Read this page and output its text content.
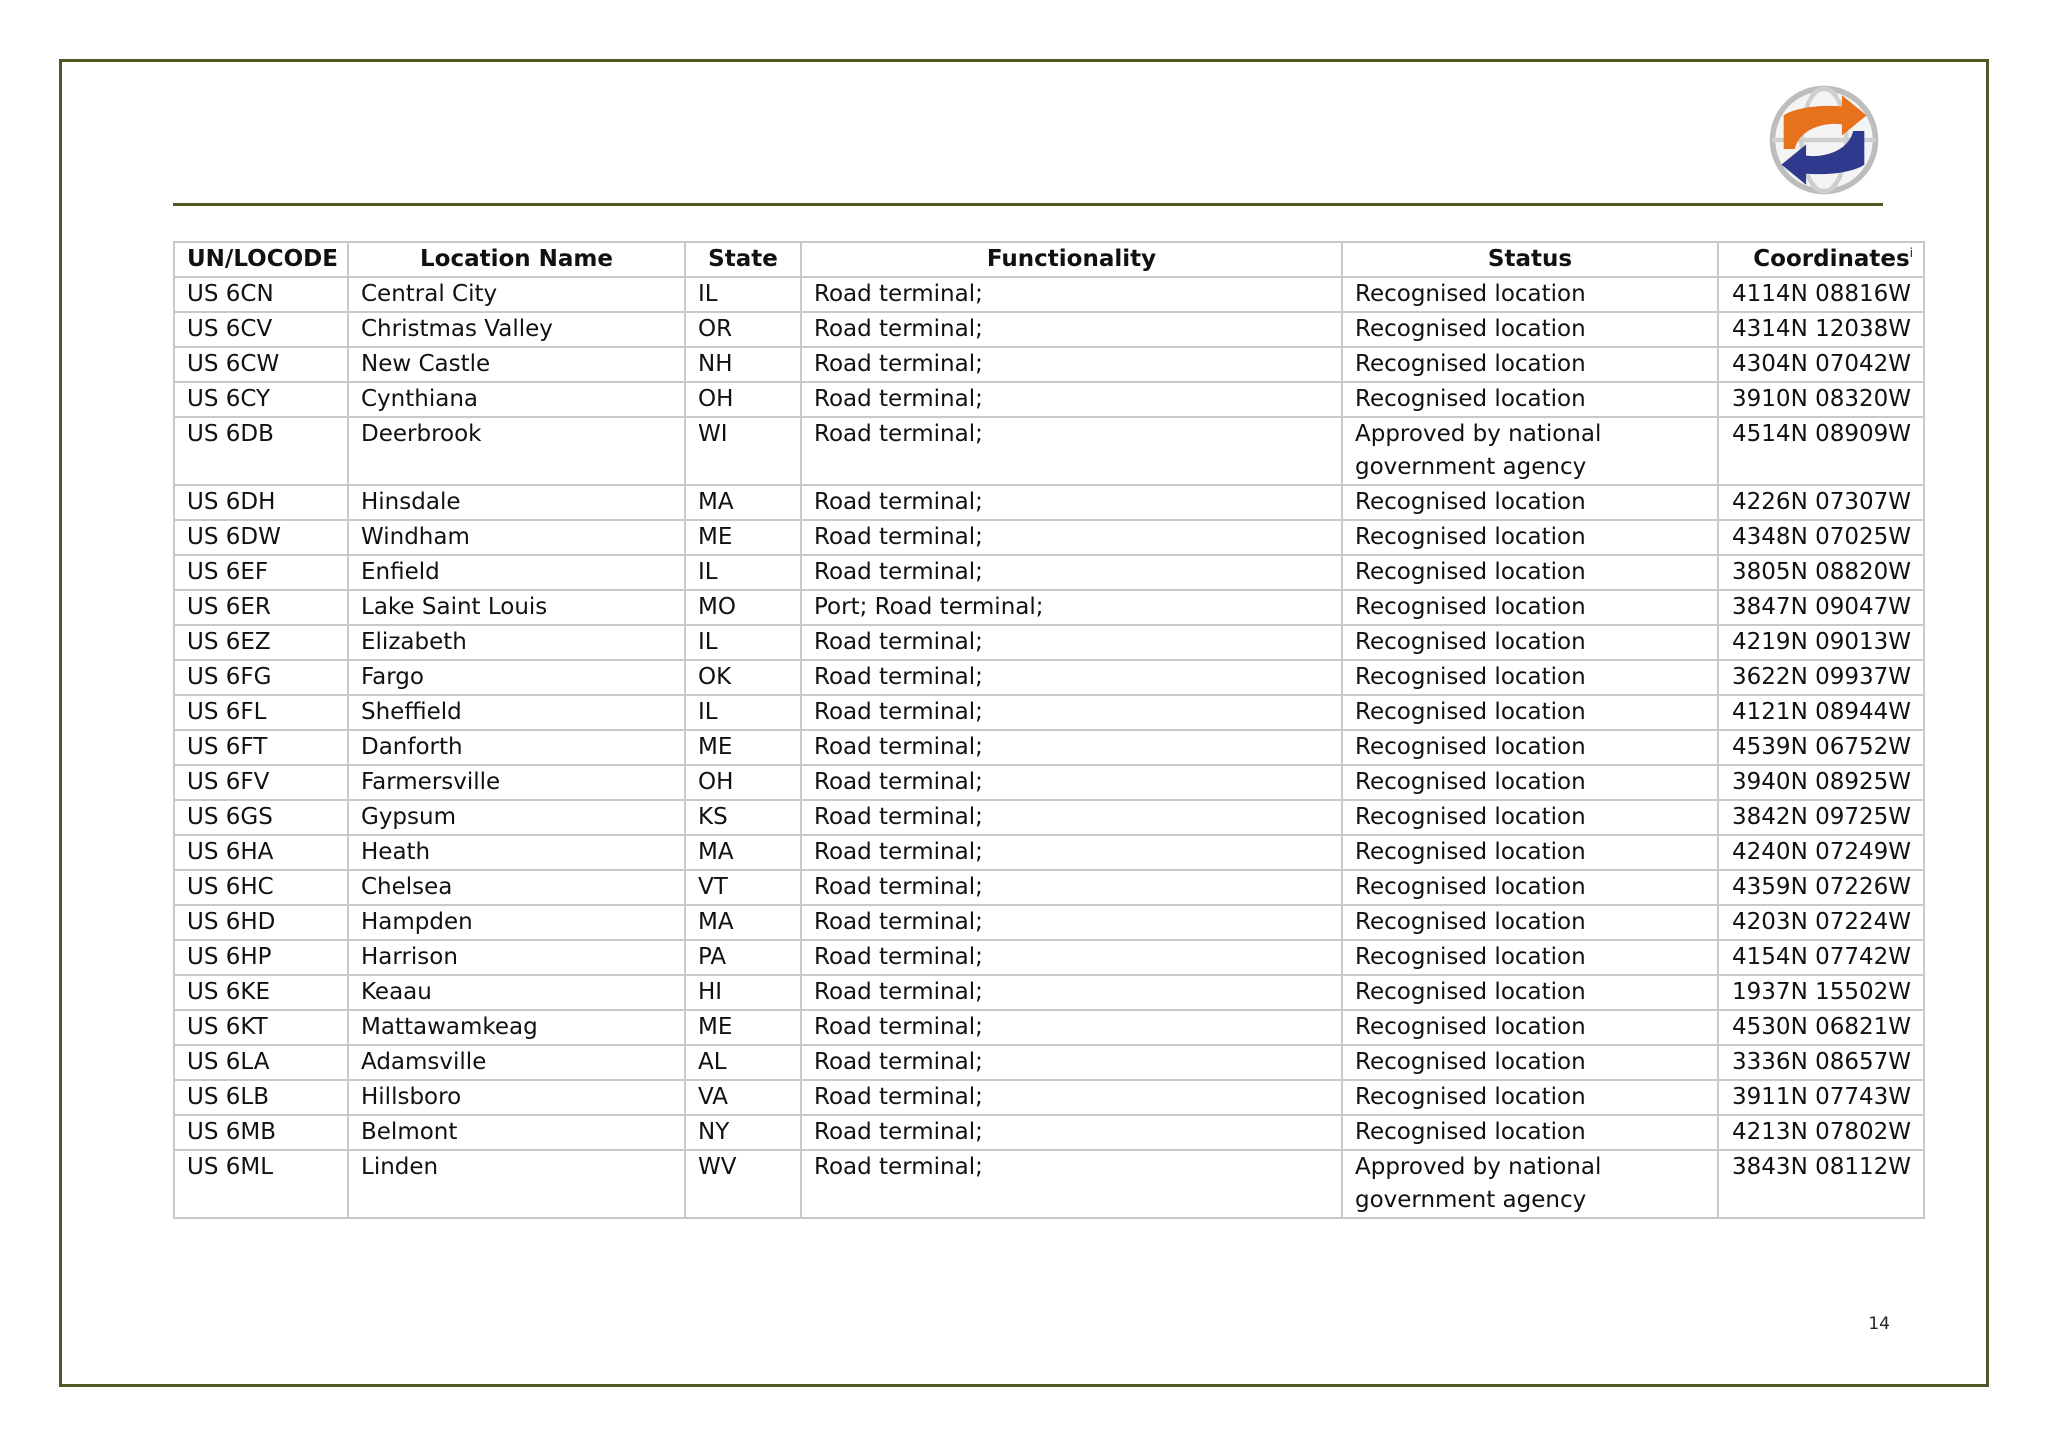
UN/LOCODE	Location Name	State	Functionality	Status	Coordinates$^i$
US 6CN	Central City	IL	Road terminal;	Recognised location	4114N 08816W
US 6CV	Christmas Valley	OR	Road terminal;	Recognised location	4314N 12038W
US 6CW	New Castle	NH	Road terminal;	Recognised location	4304N 07042W
US 6CY	Cynthiana	OH	Road terminal;	Recognised location	3910N 08320W
US 6DB	Deerbrook	WI	Road terminal;	Approved by national government agency	4514N 08909W
US 6DH	Hinsdale	MA	Road terminal;	Recognised location	4226N 07307W
US 6DW	Windham	ME	Road terminal;	Recognised location	4348N 07025W
US 6EF	Enfield	IL	Road terminal;	Recognised location	3805N 08820W
US 6ER	Lake Saint Louis	MO	Port; Road terminal;	Recognised location	3847N 09047W
US 6EZ	Elizabeth	IL	Road terminal;	Recognised location	4219N 09013W
US 6FG	Fargo	OK	Road terminal;	Recognised location	3622N 09937W
US 6FL	Sheffield	IL	Road terminal;	Recognised location	4121N 08944W
US 6FT	Danforth	ME	Road terminal;	Recognised location	4539N 06752W
US 6FV	Farmersville	OH	Road terminal;	Recognised location	3940N 08925W
US 6GS	Gypsum	KS	Road terminal;	Recognised location	3842N 09725W
US 6HA	Heath	MA	Road terminal;	Recognised location	4240N 07249W
US 6HC	Chelsea	VT	Road terminal;	Recognised location	4359N 07226W
US 6HD	Hampden	MA	Road terminal;	Recognised location	4203N 07224W
US 6HP	Harrison	PA	Road terminal;	Recognised location	4154N 07742W
US 6KE	Keaau	HI	Road terminal;	Recognised location	1937N 15502W
US 6KT	Mattawamkeag	ME	Road terminal;	Recognised location	4530N 06821W
US 6LA	Adamsville	AL	Road terminal;	Recognised location	3336N 08657W
US 6LB	Hillsboro	VA	Road terminal;	Recognised location	3911N 07743W
US 6MB	Belmont	NY	Road terminal;	Recognised location	4213N 07802W
US 6ML	Linden	WV	Road terminal;	Approved by national government agency	3843N 08112W
14
